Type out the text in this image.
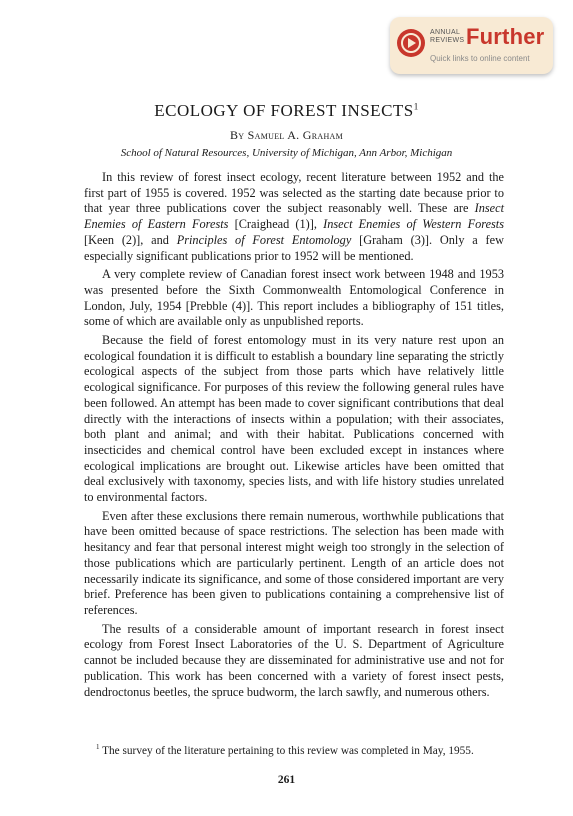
ANNUAL
REVIEWS Further
Quick links to online content
ECOLOGY OF FOREST INSECTS$^1$
By Samuel A. Graham
School of Natural Resources, University of Michigan, Ann Arbor, Michigan

In this review of forest insect ecology, recent literature between 1952 and the first part of 1955 is covered. 1952 was selected as the starting date because prior to that year three publications cover the subject reasonably well. These are Insect Enemies of Eastern Forests [Craighead (1)], Insect Enemies of Western Forests [Keen (2)], and Principles of Forest Entomology [Graham (3)]. Only a few especially significant publications prior to 1952 will be mentioned.

A very complete review of Canadian forest insect work between 1948 and 1953 was presented before the Sixth Commonwealth Entomological Conference in London, July, 1954 [Prebble (4)]. This report includes a bibliography of 151 titles, some of which are available only as unpublished reports.

Because the field of forest entomology must in its very nature rest upon an ecological foundation it is difficult to establish a boundary line separating the strictly ecological aspects of the subject from those parts which have relatively little ecological significance. For purposes of this review the following general rules have been followed. An attempt has been made to cover significant contributions that deal directly with the interactions of insects within a population; with their associates, both plant and animal; and with their habitat. Publications concerned with insecticides and chemical control have been excluded except in instances where ecological implications are brought out. Likewise articles have been omitted that deal exclusively with taxonomy, species lists, and with life history studies unrelated to environmental factors.

Even after these exclusions there remain numerous, worthwhile publications that have been omitted because of space restrictions. The selection has been made with hesitancy and fear that personal interest might weigh too strongly in the selection of those publications which are particularly pertinent. Length of an article does not necessarily indicate its significance, and some of those considered important are very brief. Preference has been given to publications containing a comprehensive list of references.

The results of a considerable amount of important research in forest insect ecology from Forest Insect Laboratories of the U. S. Department of Agriculture cannot be included because they are disseminated for administrative use and not for publication. This work has been concerned with a variety of forest insect pests, dendroctonus beetles, the spruce budworm, the larch sawfly, and numerous others.

$^1$ The survey of the literature pertaining to this review was completed in May, 1955.
261
